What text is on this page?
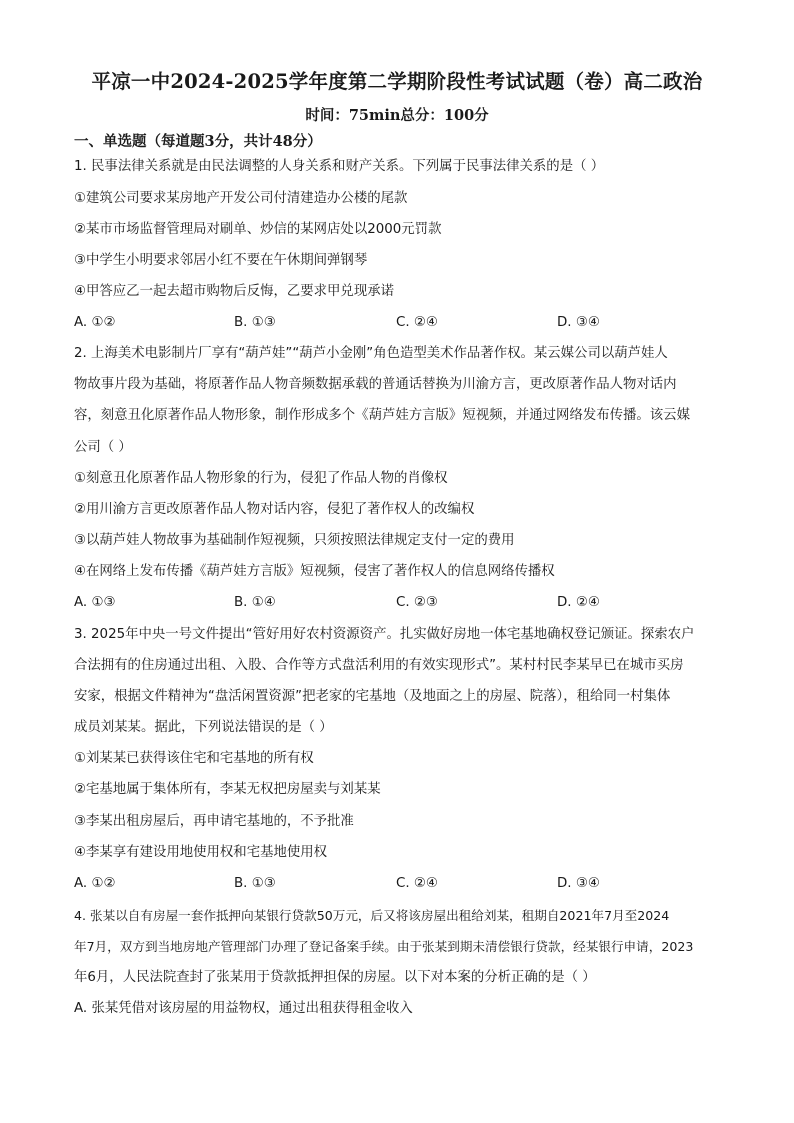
平凉一中2024-2025学年度第二学期阶段性考试试题（卷）高二政治
时间：75min总分：100分
一、单选题（每道题3分，共计48分）
1. 民事法律关系就是由民法调整的人身关系和财产关系。下列属于民事法律关系的是（ ）
①建筑公司要求某房地产开发公司付清建造办公楼的尾款
②某市市场监督管理局对刷单、炒信的某网店处以2000元罚款
③中学生小明要求邻居小红不要在午休期间弹钢琴
④甲答应乙一起去超市购物后反悔，乙要求甲兑现承诺
A. ①②	B. ①③	C. ②④	D. ③④
2. 上海美术电影制片厂享有“葫芦娃”“葫芦小金刚”角色造型美术作品著作权。某云媒公司以葫芦娃人
物故事片段为基础，将原著作品人物音频数据承载的普通话替换为川渝方言，更改原著作品人物对话内
容，刻意丑化原著作品人物形象，制作形成多个《葫芦娃方言版》短视频，并通过网络发布传播。该云媒
公司（ ）
①刻意丑化原著作品人物形象的行为，侵犯了作品人物的肖像权
②用川渝方言更改原著作品人物对话内容，侵犯了著作权人的改编权
③以葫芦娃人物故事为基础制作短视频，只须按照法律规定支付一定的费用
④在网络上发布传播《葫芦娃方言版》短视频，侵害了著作权人的信息网络传播权
A. ①③	B. ①④	C. ②③	D. ②④
3. 2025年中央一号文件提出“管好用好农村资源资产。扎实做好房地一体宅基地确权登记颁证。探索农户
合法拥有的住房通过出租、入股、合作等方式盘活利用的有效实现形式”。某村村民李某早已在城市买房
安家，根据文件精神为“盘活闲置资源”把老家的宅基地（及地面之上的房屋、院落），租给同一村集体
成员刘某某。据此，下列说法错误的是（ ）
①刘某某已获得该住宅和宅基地的所有权
②宅基地属于集体所有，李某无权把房屋卖与刘某某
③李某出租房屋后，再申请宅基地的，不予批准
④李某享有建设用地使用权和宅基地使用权
A. ①②	B. ①③	C. ②④	D. ③④
4. 张某以自有房屋一套作抵押向某银行贷款50万元，后又将该房屋出租给刘某，租期自2021年7月至2024
年7月，双方到当地房地产管理部门办理了登记备案手续。由于张某到期未清偿银行贷款，经某银行申请，2023
年6月，人民法院查封了张某用于贷款抵押担保的房屋。以下对本案的分析正确的是（ ）
A. 张某凭借对该房屋的用益物权，通过出租获得租金收入
